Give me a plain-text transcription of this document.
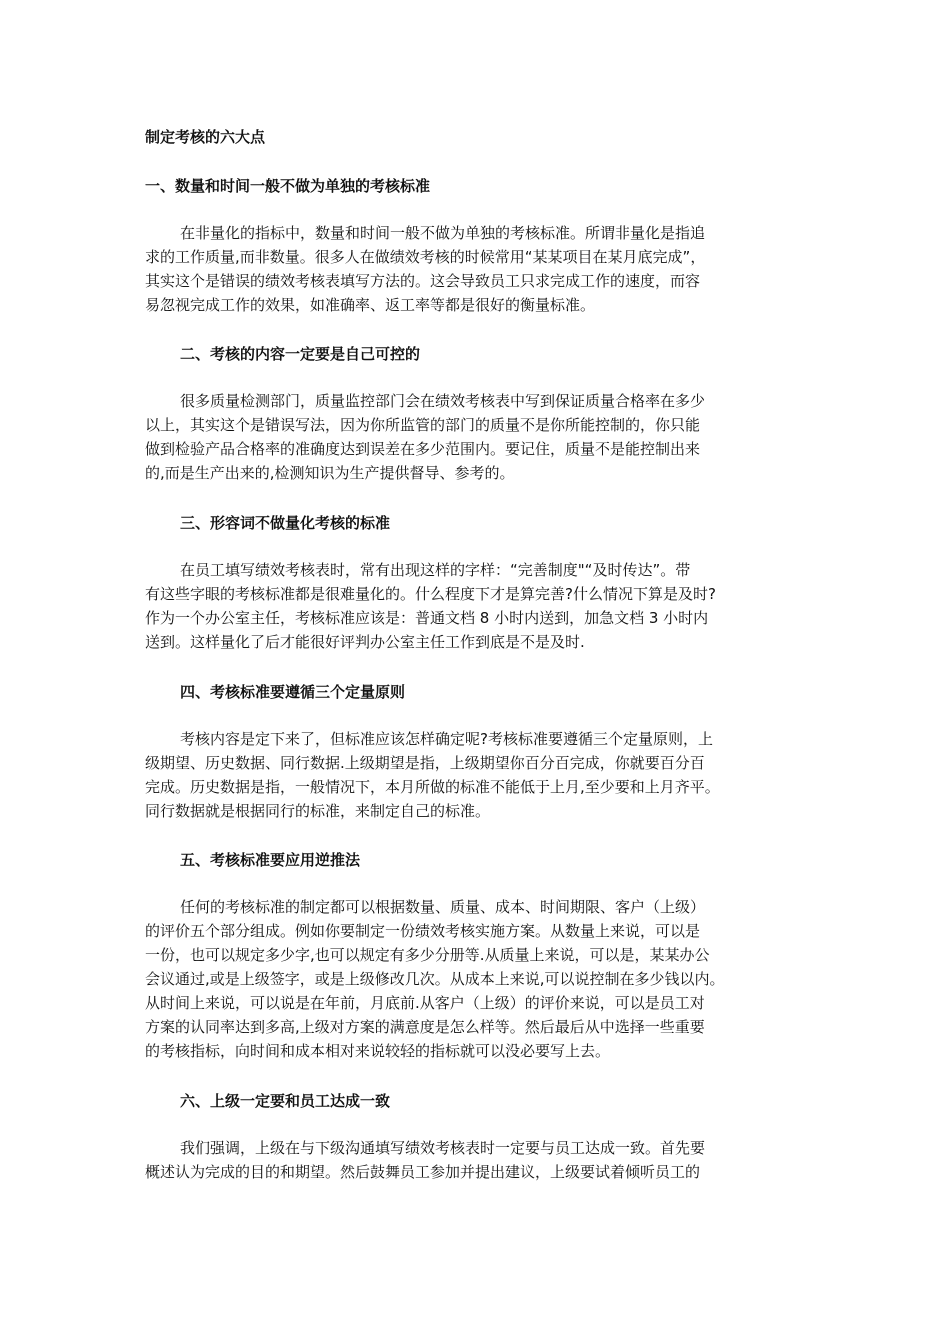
制定考核的六大点
一、数量和时间一般不做为单独的考核标准
在非量化的指标中，数量和时间一般不做为单独的考核标准。所谓非量化是指追
求的工作质量,而非数量。很多人在做绩效考核的时候常用“某某项目在某月底完成”，
其实这个是错误的绩效考核表填写方法的。这会导致员工只求完成工作的速度，而容
易忽视完成工作的效果，如准确率、返工率等都是很好的衡量标准。
二、考核的内容一定要是自己可控的
很多质量检测部门，质量监控部门会在绩效考核表中写到保证质量合格率在多少
以上，其实这个是错误写法，因为你所监管的部门的质量不是你所能控制的，你只能
做到检验产品合格率的准确度达到误差在多少范围内。要记住，质量不是能控制出来
的,而是生产出来的,检测知识为生产提供督导、参考的。
三、形容词不做量化考核的标准
在员工填写绩效考核表时，常有出现这样的字样：“完善制度"“及时传达”。带
有这些字眼的考核标准都是很难量化的。什么程度下才是算完善?什么情况下算是及时?
作为一个办公室主任，考核标准应该是：普通文档 8 小时内送到，加急文档 3 小时内
送到。这样量化了后才能很好评判办公室主任工作到底是不是及时.
四、考核标准要遵循三个定量原则
考核内容是定下来了，但标准应该怎样确定呢?考核标准要遵循三个定量原则，上
级期望、历史数据、同行数据.上级期望是指，上级期望你百分百完成，你就要百分百
完成。历史数据是指，一般情况下，本月所做的标准不能低于上月,至少要和上月齐平。
同行数据就是根据同行的标准，来制定自己的标准。
五、考核标准要应用逆推法
任何的考核标准的制定都可以根据数量、质量、成本、时间期限、客户（上级）
的评价五个部分组成。例如你要制定一份绩效考核实施方案。从数量上来说，可以是
一份，也可以规定多少字,也可以规定有多少分册等.从质量上来说，可以是，某某办公
会议通过,或是上级签字，或是上级修改几次。从成本上来说,可以说控制在多少钱以内。
从时间上来说，可以说是在年前，月底前.从客户（上级）的评价来说，可以是员工对
方案的认同率达到多高,上级对方案的满意度是怎么样等。然后最后从中选择一些重要
的考核指标，向时间和成本相对来说较轻的指标就可以没必要写上去。
六、上级一定要和员工达成一致
我们强调，上级在与下级沟通填写绩效考核表时一定要与员工达成一致。首先要
概述认为完成的目的和期望。然后鼓舞员工参加并提出建议，上级要试着倾听员工的
